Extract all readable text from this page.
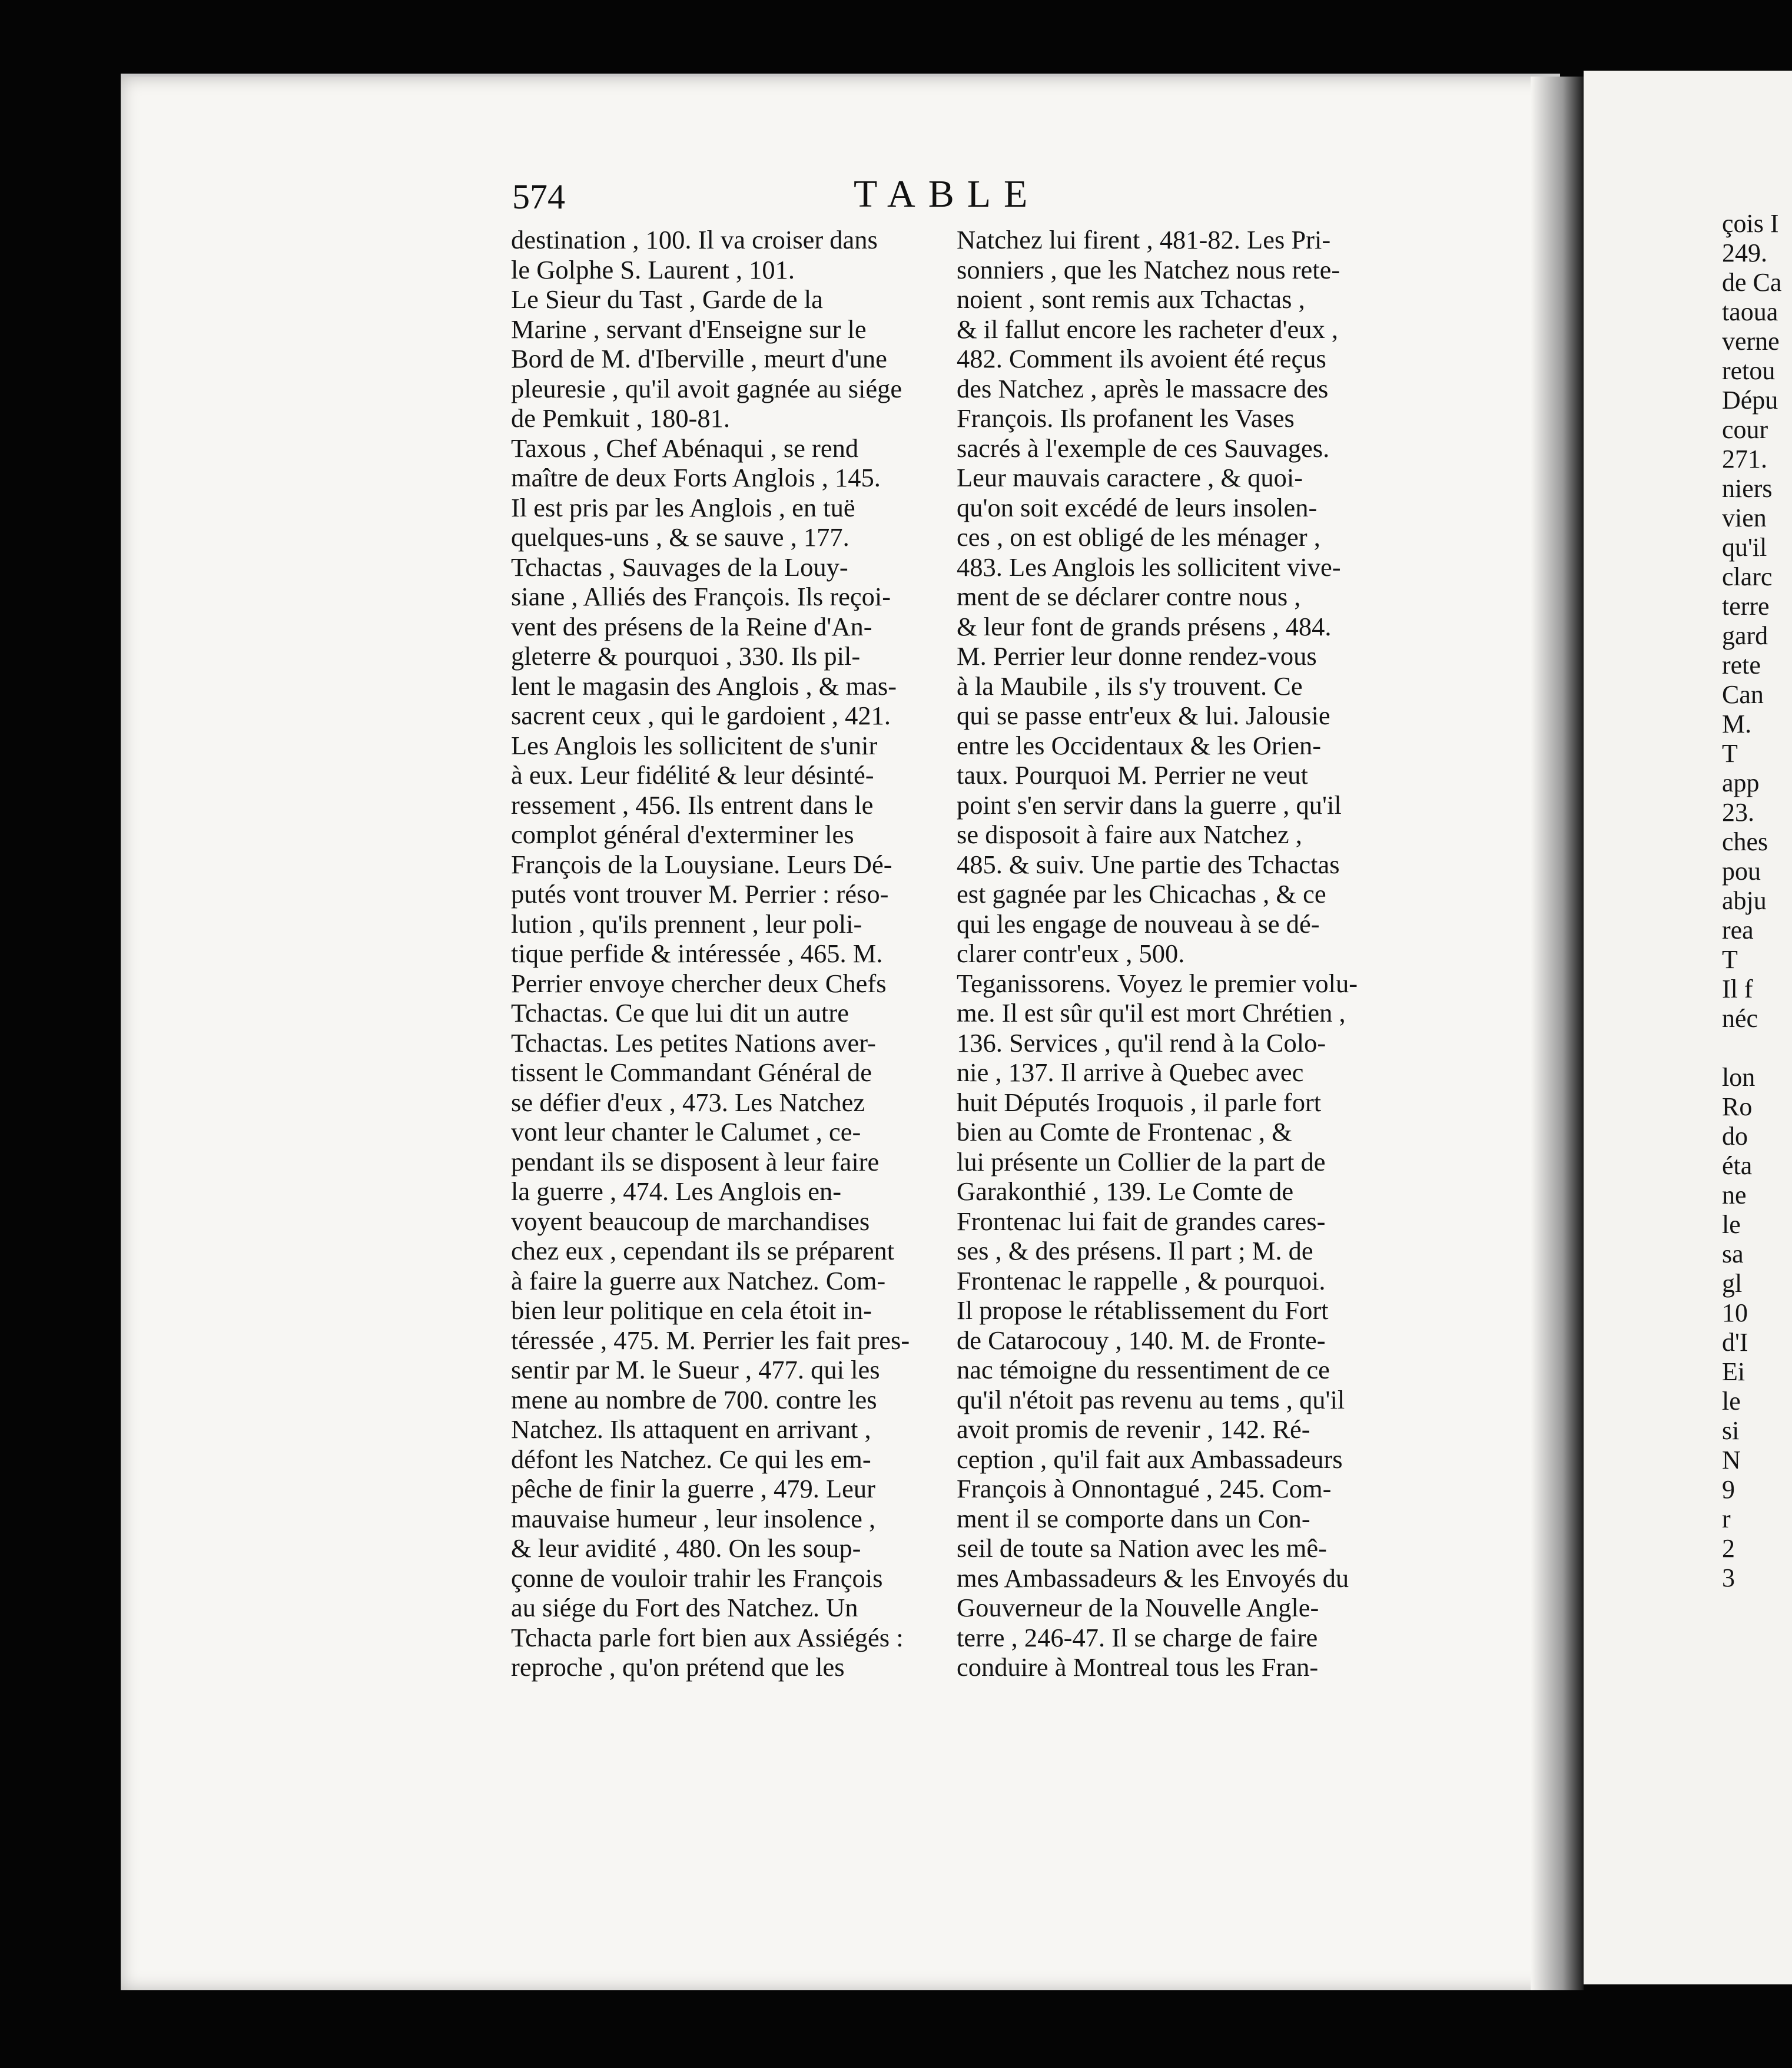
574	TABLE
destination , 100. Il va croiser dans
le Golphe S. Laurent , 101.
Le Sieur du Tast , Garde de la
Marine , servant d'Enseigne sur le
Bord de M. d'Iberville , meurt d'une
pleuresie , qu'il avoit gagnée au siége
de Pemkuit , 180-81.
Taxous , Chef Abénaqui , se rend
maître de deux Forts Anglois , 145.
Il est pris par les Anglois , en tuë
quelques-uns , & se sauve , 177.
Tchactas , Sauvages de la Louy-
siane , Alliés des François. Ils reçoi-
vent des présens de la Reine d'An-
gleterre & pourquoi , 330. Ils pil-
lent le magasin des Anglois , & mas-
sacrent ceux , qui le gardoient , 421.
Les Anglois les sollicitent de s'unir
à eux. Leur fidélité & leur désinté-
ressement , 456. Ils entrent dans le
complot général d'exterminer les
François de la Louysiane. Leurs Dé-
putés vont trouver M. Perrier : réso-
lution , qu'ils prennent , leur poli-
tique perfide & intéressée , 465. M.
Perrier envoye chercher deux Chefs
Tchactas. Ce que lui dit un autre
Tchactas. Les petites Nations aver-
tissent le Commandant Général de
se défier d'eux , 473. Les Natchez
vont leur chanter le Calumet , ce-
pendant ils se disposent à leur faire
la guerre , 474. Les Anglois en-
voyent beaucoup de marchandises
chez eux , cependant ils se préparent
à faire la guerre aux Natchez. Com-
bien leur politique en cela étoit in-
téressée , 475. M. Perrier les fait pres-
sentir par M. le Sueur , 477. qui les
mene au nombre de 700. contre les
Natchez. Ils attaquent en arrivant ,
défont les Natchez. Ce qui les em-
pêche de finir la guerre , 479. Leur
mauvaise humeur , leur insolence ,
& leur avidité , 480. On les soup-
çonne de vouloir trahir les François
au siége du Fort des Natchez. Un
Tchacta parle fort bien aux Assiégés :
reproche , qu'on prétend que les
Natchez lui firent , 481-82. Les Pri-
sonniers , que les Natchez nous rete-
noient , sont remis aux Tchactas ,
& il fallut encore les racheter d'eux ,
482. Comment ils avoient été reçus
des Natchez , après le massacre des
François. Ils profanent les Vases
sacrés à l'exemple de ces Sauvages.
Leur mauvais caractere , & quoi-
qu'on soit excédé de leurs insolen-
ces , on est obligé de les ménager ,
483. Les Anglois les sollicitent vive-
ment de se déclarer contre nous ,
& leur font de grands présens , 484.
M. Perrier leur donne rendez-vous
à la Maubile , ils s'y trouvent. Ce
qui se passe entr'eux & lui. Jalousie
entre les Occidentaux & les Orien-
taux. Pourquoi M. Perrier ne veut
point s'en servir dans la guerre , qu'il
se disposoit à faire aux Natchez ,
485. & suiv. Une partie des Tchactas
est gagnée par les Chicachas , & ce
qui les engage de nouveau à se dé-
clarer contr'eux , 500.
Teganissorens. Voyez le premier volu-
me. Il est sûr qu'il est mort Chrétien ,
136. Services , qu'il rend à la Colo-
nie , 137. Il arrive à Quebec avec
huit Députés Iroquois , il parle fort
bien au Comte de Frontenac , &
lui présente un Collier de la part de
Garakonthié , 139. Le Comte de
Frontenac lui fait de grandes cares-
ses , & des présens. Il part ; M. de
Frontenac le rappelle , & pourquoi.
Il propose le rétablissement du Fort
de Catarocouy , 140. M. de Fronte-
nac témoigne du ressentiment de ce
qu'il n'étoit pas revenu au tems , qu'il
avoit promis de revenir , 142. Ré-
ception , qu'il fait aux Ambassadeurs
François à Onnontagué , 245. Com-
ment il se comporte dans un Con-
seil de toute sa Nation avec les mê-
mes Ambassadeurs & les Envoyés du
Gouverneur de la Nouvelle Angle-
terre , 246-47. Il se charge de faire
conduire à Montreal tous les Fran-
çois I
249.
de Ca
taoua
verne
retou
Dépu
cour
271.
niers
vien
qu'il
clarc
terre
gard
rete
Can
M.
T
app
23.
ches
pou
abju
rea
T
Il f
néc
lon
Ro
do
éta
ne
le
sa
gl
10
d'I
Ei
le
si
N
9
r
2
3
